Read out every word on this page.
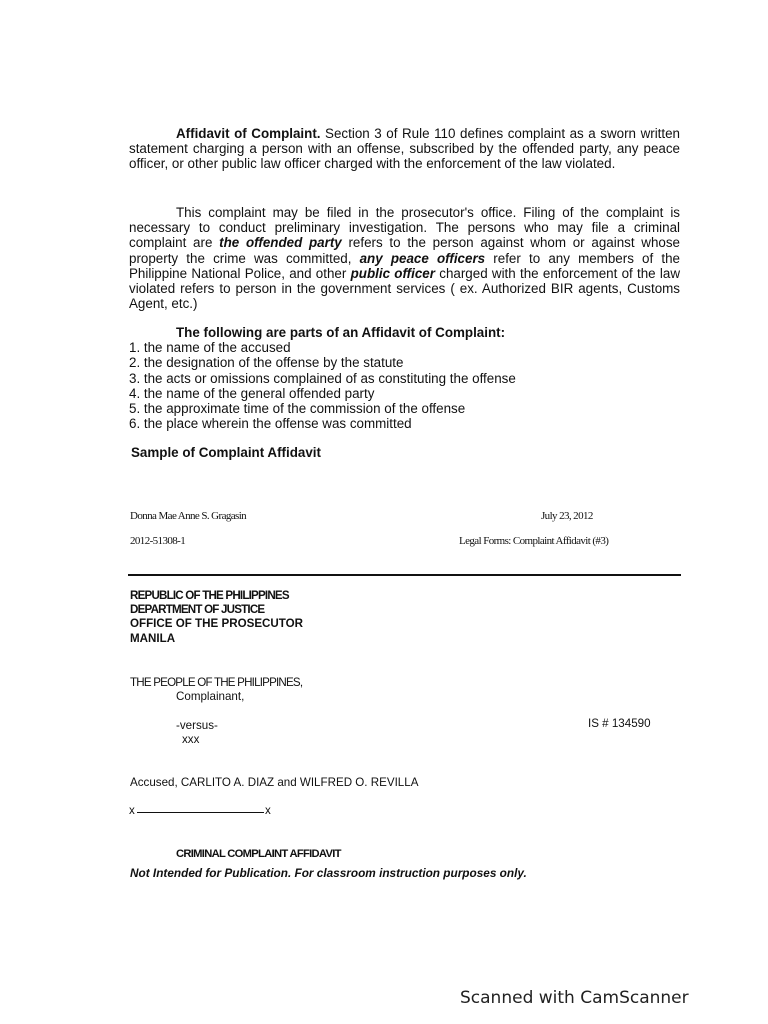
Affidavit of Complaint. Section 3 of Rule 110 defines complaint as a sworn written statement charging a person with an offense, subscribed by the offended party, any peace officer, or other public law officer charged with the enforcement of the law violated.

This complaint may be filed in the prosecutor's office. Filing of the complaint is necessary to conduct preliminary investigation. The persons who may file a criminal complaint are the offended party refers to the person against whom or against whose property the crime was committed, any peace officers refer to any members of the Philippine National Police, and other public officer charged with the enforcement of the law violated refers to person in the government services ( ex. Authorized BIR agents, Customs Agent, etc.)

The following are parts of an Affidavit of Complaint:
1. the name of the accused
2. the designation of the offense by the statute
3. the acts or omissions complained of as constituting the offense
4. the name of the general offended party
5. the approximate time of the commission of the offense
6. the place wherein the offense was committed
Sample of Complaint Affidavit
Donna Mae Anne S. Gragasin	July 23, 2012
2012-51308-1	Legal Forms: Complaint Affidavit (#3)
REPUBLIC OF THE PHILIPPINES
DEPARTMENT OF JUSTICE
OFFICE OF THE PROSECUTOR
MANILA
THE PEOPLE OF THE PHILIPPINES,
Complainant,
-versus-
xxx
IS # 134590
Accused, CARLITO A. DIAZ and WILFRED O. REVILLA
x	x
CRIMINAL COMPLAINT AFFIDAVIT
Not Intended for Publication. For classroom instruction purposes only.
Scanned with CamScanner
